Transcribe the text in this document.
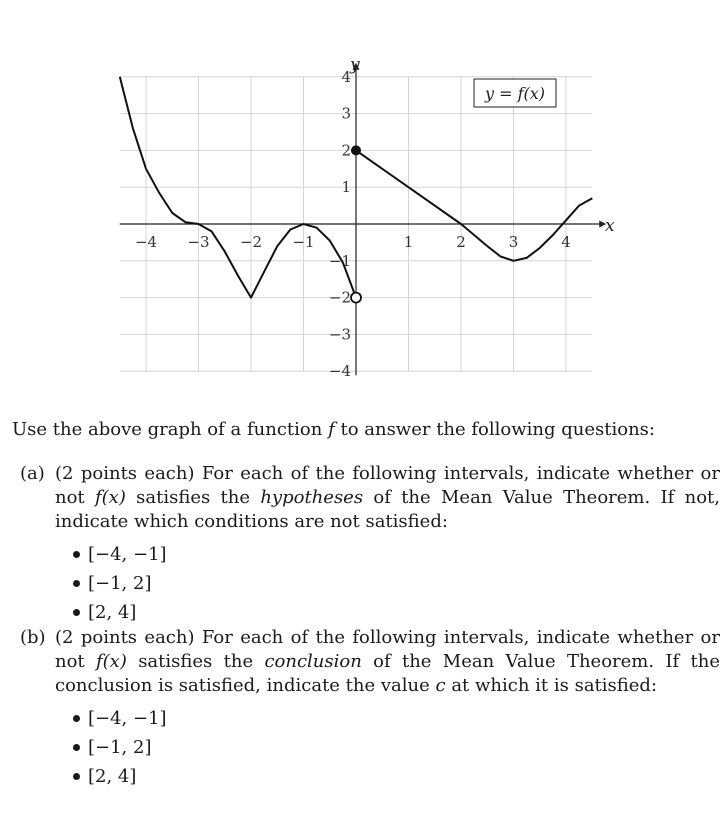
x
y
−4 −3 −2 −1	1	2	3	4
4
3
2
1
−1
−2
−3
−4
y = f(x)
Use the above graph of a function f to answer the following questions:
(a) (2 points each) For each of the following intervals, indicate whether or not f(x) satisfies the hypotheses of the Mean Value Theorem. If not, indicate which conditions are not satisfied:
[−4, −1]
[−1, 2]
[2, 4]
(b) (2 points each) For each of the following intervals, indicate whether or not f(x) satisfies the conclusion of the Mean Value Theorem. If the conclusion is satisfied, indicate the value c at which it is satisfied:
[−4, −1]
[−1, 2]
[2, 4]
